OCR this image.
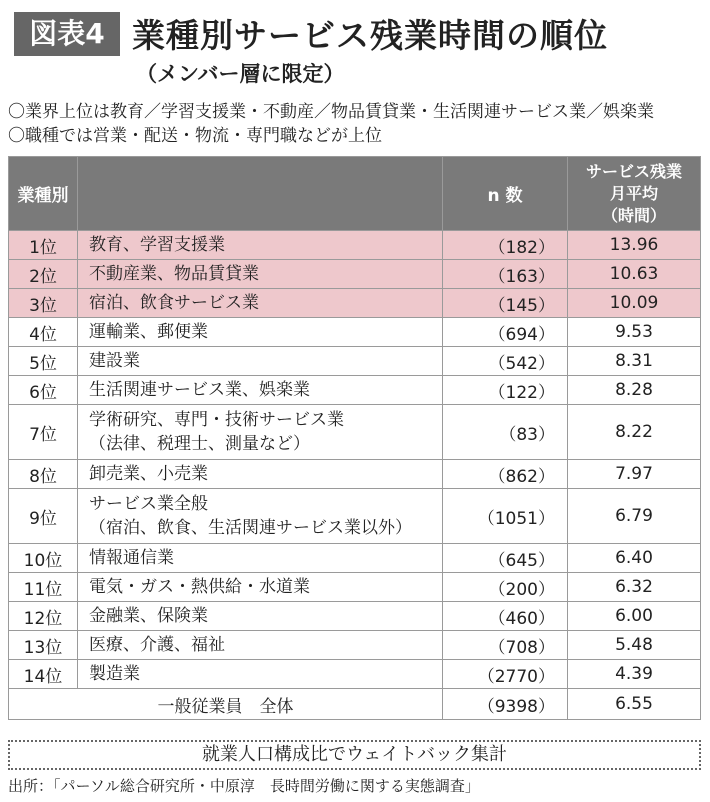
図表4 業種別サービス残業時間の順位
（メンバー層に限定）
〇業界上位は教育／学習支援業・不動産／物品賃貸業・生活関連サービス業／娯楽業
〇職種では営業・配送・物流・専門職などが上位
業種別		n 数	サービス残業
月平均
（時間）

1位	教育、学習支援業	（182）	13.96
2位	不動産業、物品賃貸業	（163）	10.63
3位	宿泊、飲食サービス業	（145）	10.09
4位	運輸業、郵便業	（694）	9.53
5位	建設業	（542）	8.31
6位	生活関連サービス業、娯楽業	（122）	8.28
7位	学術研究、専門・技術サービス業
（法律、税理士、測量など）	（83）	8.22
8位	卸売業、小売業	（862）	7.97
9位	サービス業全般
（宿泊、飲食、生活関連サービス業以外）	（1051）	6.79
10位	情報通信業	（645）	6.40
11位	電気・ガス・熱供給・水道業	（200）	6.32
12位	金融業、保険業	（460）	6.00
13位	医療、介護、福祉	（708）	5.48
14位	製造業	（2770）	4.39
一般従業員　全体		（9398）	6.55
就業人口構成比でウェイトバック集計
出所：「パーソル総合研究所・中原淳　長時間労働に関する実態調査」
